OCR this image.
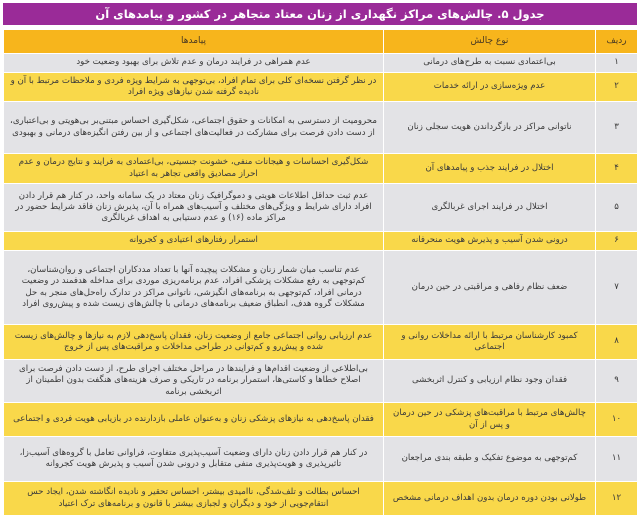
جدول ۵. چالش‌های مراکز نگهداری از زنان معتاد متجاهر در کشور و پیامدهای آن
ردیف	نوع چالش	پیامدها
۱	بی‌اعتمادی نسبت به طرح‌های درمانی	عدم همراهی در فرایند درمان و عدم تلاش برای بهبود وضعیت خود
۲	عدم ویژه‌سازی در ارائه خدمات	در نظر گرفتن نسخه‌ای کلی برای تمام افراد، بی‌توجهی به شرایط ویژه فردی و ملاحظات مرتبط با آن و نادیده گرفته شدن نیازهای ویژه افراد
۳	ناتوانی مراکز در بازگرداندن هویت سجلی زنان	محرومیت از دسترسی به امکانات و حقوق اجتماعی، شکل‌گیری احساس مبتنی‌بر بی‌هویتی و بی‌اعتباری، از دست دادن فرصت برای مشارکت در فعالیت‌های اجتماعی و از بین رفتن انگیزه‌های درمانی و بهبودی
۴	اختلال در فرایند جذب و پیامدهای آن	شکل‌گیری احساسات و هیجانات منفی، خشونت جنسیتی، بی‌اعتمادی به فرایند و نتایج درمان و عدم احراز مصادیق واقعی تجاهر به اعتیاد
۵	اختلال در فرایند اجرای غربالگری	عدم ثبت حداقل اطلاعات هویتی و دموگرافیک زنان معتاد در یک سامانه واحد، در کنار هم قرار دادن افراد دارای شرایط و ویژگی‌های مختلف و آسیب‌های همراه با آن، پذیرش زنان فاقد شرایط حضور در مراکز ماده (۱۶) و عدم دستیابی به اهداف غربالگری
۶	درونی شدن آسیب و پذیرش هویت منحرفانه	استمرار رفتارهای اعتیادی و کجروانه
۷	ضعف نظام رفاهی و مراقبتی در حین درمان	عدم تناسب میان شمار زنان و مشکلات پیچیده آنها با تعداد مددکاران اجتماعی و روان‌شناسان، کم‌توجهی به رفع مشکلات پزشکی افراد، عدم برنامه‌ریزی موردی برای مداخله هدفمند در وضعیت درمانی افراد، کم‌توجهی به برنامه‌های انگیزشی، ناتوانی مراکز در تدارک راه‌حل‌های منجر به حل مشکلات گروه هدف، انطباق ضعیف برنامه‌های درمانی با چالش‌های زیست شده و پیش‌روی افراد
۸	کمبود کارشناسان مرتبط با ارائه مداخلات روانی و اجتماعی	عدم ارزیابی روانی اجتماعی جامع از وضعیت زنان، فقدان پاسخ‌دهی لازم به نیازها و چالش‌های زیست شده و پیش‌رو و کم‌توانی در طراحی مداخلات و مراقبت‌های پس از خروج
۹	فقدان وجود نظام ارزیابی و کنترل اثربخشی	بی‌اطلاعی از وضعیت اقدام‌ها و فرایندها در مراحل مختلف اجرای طرح، از دست دادن فرصت برای اصلاح خطاها و کاستی‌ها، استمرار برنامه در تاریکی و صرف هزینه‌های هنگفت بدون اطمینان از اثربخشی برنامه
۱۰	چالش‌های مرتبط با مراقبت‌های پزشکی در حین درمان و پس از آن	فقدان پاسخ‌دهی به نیازهای پزشکی زنان و به‌عنوان عاملی بازدارنده در بازیابی هویت فردی و اجتماعی
۱۱	کم‌توجهی به موضوع تفکیک و طبقه بندی مراجعان	در کنار هم قرار دادن زنان دارای وضعیت آسیب‌پذیری متفاوت، فراوانی تعامل با گروه‌های آسیب‌زا، تاثیرپذیری و هویت‌پذیری منفی متقابل و درونی شدن آسیب و پذیرش هویت کجروانه
۱۲	طولانی بودن دوره درمان بدون اهداف درمانی مشخص	احساس بطالت و تلف‌شدگی، ناامیدی بیشتر، احساس تحقیر و نادیده انگاشته شدن، ایجاد حس انتقام‌جویی از خود و دیگران و لجبازی بیشتر با قانون و برنامه‌های ترک اعتیاد
